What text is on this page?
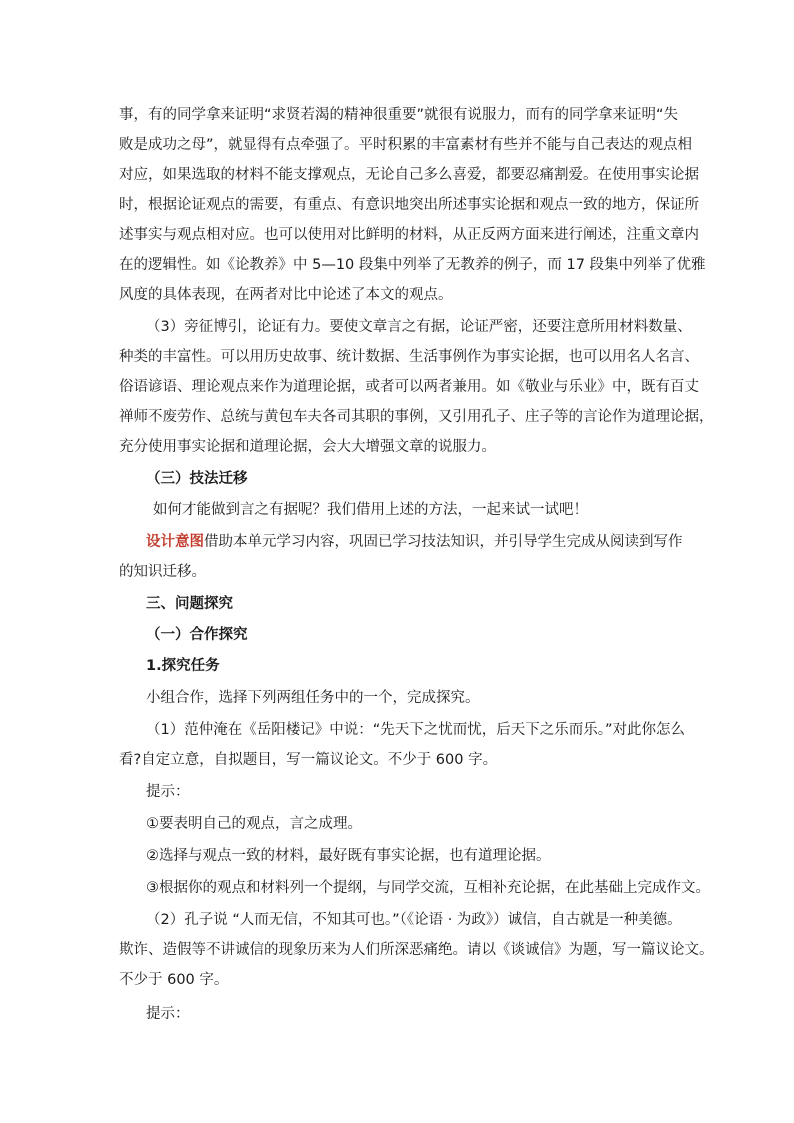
事，有的同学拿来证明“求贤若渴的精神很重要”就很有说服力，而有的同学拿来证明“失
败是成功之母”，就显得有点牵强了。平时积累的丰富素材有些并不能与自己表达的观点相
对应，如果选取的材料不能支撑观点，无论自己多么喜爱，都要忍痛割爱。在使用事实论据
时，根据论证观点的需要，有重点、有意识地突出所述事实论据和观点一致的地方，保证所
述事实与观点相对应。也可以使用对比鲜明的材料，从正反两方面来进行阐述，注重文章内
在的逻辑性。如《论教养》中 5—10 段集中列举了无教养的例子，而 17 段集中列举了优雅
风度的具体表现，在两者对比中论述了本文的观点。
（3）旁征博引，论证有力。要使文章言之有据，论证严密，还要注意所用材料数量、
种类的丰富性。可以用历史故事、统计数据、生活事例作为事实论据，也可以用名人名言、
俗语谚语、理论观点来作为道理论据，或者可以两者兼用。如《敬业与乐业》中，既有百丈
禅师不废劳作、总统与黄包车夫各司其职的事例，又引用孔子、庄子等的言论作为道理论据，
充分使用事实论据和道理论据，会大大增强文章的说服力。
（三）技法迁移
如何才能做到言之有据呢？我们借用上述的方法，一起来试一试吧！
设计意图借助本单元学习内容，巩固已学习技法知识，并引导学生完成从阅读到写作
的知识迁移。
三、问题探究
（一）合作探究
1.探究任务
小组合作，选择下列两组任务中的一个，完成探究。
（1）范仲淹在《岳阳楼记》中说：“先天下之忧而忧，后天下之乐而乐。”对此你怎么
看?自定立意，自拟题目，写一篇议论文。不少于 600 字。
提示：
①要表明自己的观点，言之成理。
②选择与观点一致的材料，最好既有事实论据，也有道理论据。
③根据你的观点和材料列一个提纲，与同学交流，互相补充论据，在此基础上完成作文。
（2）孔子说 “人而无信，不知其可也。”（《论语 · 为政》）诚信，自古就是一种美德。
欺诈、造假等不讲诚信的现象历来为人们所深恶痛绝。请以《谈诚信》为题，写一篇议论文。
不少于 600 字。
提示：
